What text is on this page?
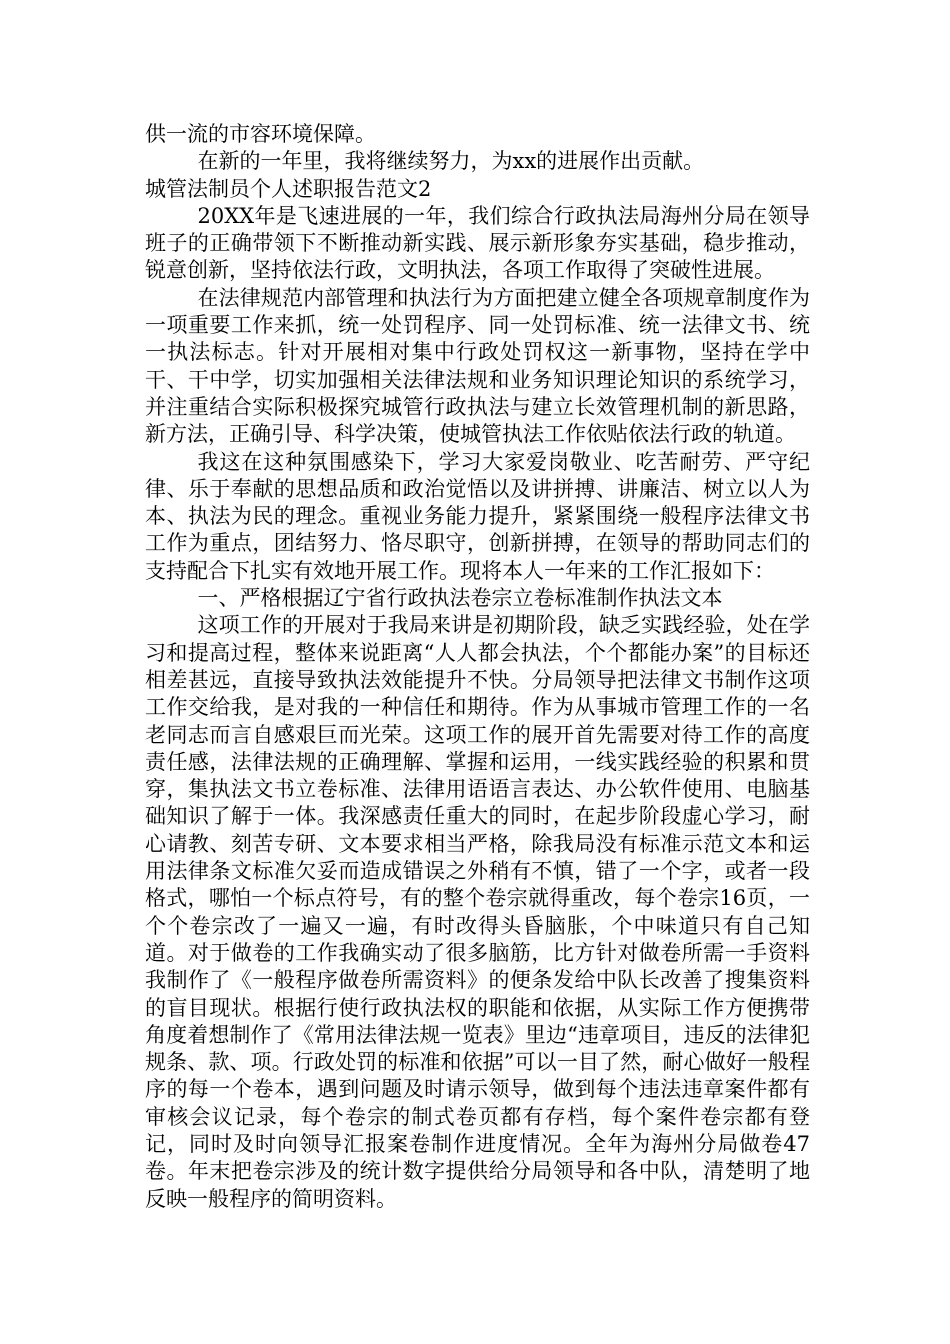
供一流的市容环境保障。

在新的一年里，我将继续努力，为xx的进展作出贡献。

城管法制员个人述职报告范文2

20XX年是飞速进展的一年，我们综合行政执法局海州分局在领导班子的正确带领下不断推动新实践、展示新形象夯实基础，稳步推动，锐意创新，坚持依法行政，文明执法，各项工作取得了突破性进展。

在法律规范内部管理和执法行为方面把建立健全各项规章制度作为一项重要工作来抓，统一处罚程序、同一处罚标准、统一法律文书、统一执法标志。针对开展相对集中行政处罚权这一新事物，坚持在学中干、干中学，切实加强相关法律法规和业务知识理论知识的系统学习，并注重结合实际积极探究城管行政执法与建立长效管理机制的新思路，新方法，正确引导、科学决策，使城管执法工作依贴依法行政的轨道。

我这在这种氛围感染下，学习大家爱岗敬业、吃苦耐劳、严守纪律、乐于奉献的思想品质和政治觉悟以及讲拼搏、讲廉洁、树立以人为本、执法为民的理念。重视业务能力提升，紧紧围绕一般程序法律文书工作为重点，团结努力、恪尽职守，创新拼搏，在领导的帮助同志们的支持配合下扎实有效地开展工作。现将本人一年来的工作汇报如下：

一、严格根据辽宁省行政执法卷宗立卷标准制作执法文本

这项工作的开展对于我局来讲是初期阶段，缺乏实践经验，处在学习和提高过程，整体来说距离“人人都会执法，个个都能办案”的目标还相差甚远，直接导致执法效能提升不快。分局领导把法律文书制作这项工作交给我，是对我的一种信任和期待。作为从事城市管理工作的一名老同志而言自感艰巨而光荣。这项工作的展开首先需要对待工作的高度责任感，法律法规的正确理解、掌握和运用，一线实践经验的积累和贯穿，集执法文书立卷标准、法律用语语言表达、办公软件使用、电脑基础知识了解于一体。我深感责任重大的同时，在起步阶段虚心学习，耐心请教、刻苦专研、文本要求相当严格，除我局没有标准示范文本和运用法律条文标准欠妥而造成错误之外稍有不慎，错了一个字，或者一段格式，哪怕一个标点符号，有的整个卷宗就得重改，每个卷宗16页，一个个卷宗改了一遍又一遍，有时改得头昏脑胀，个中味道只有自己知道。对于做卷的工作我确实动了很多脑筋，比方针对做卷所需一手资料我制作了《一般程序做卷所需资料》的便条发给中队长改善了搜集资料的盲目现状。根据行使行政执法权的职能和依据，从实际工作方便携带角度着想制作了《常用法律法规一览表》里边“违章项目，违反的法律犯规条、款、项。行政处罚的标准和依据”可以一目了然，耐心做好一般程序的每一个卷本，遇到问题及时请示领导，做到每个违法违章案件都有审核会议记录，每个卷宗的制式卷页都有存档，每个案件卷宗都有登记，同时及时向领导汇报案卷制作进度情况。全年为海州分局做卷47卷。年末把卷宗涉及的统计数字提供给分局领导和各中队，清楚明了地反映一般程序的简明资料。
